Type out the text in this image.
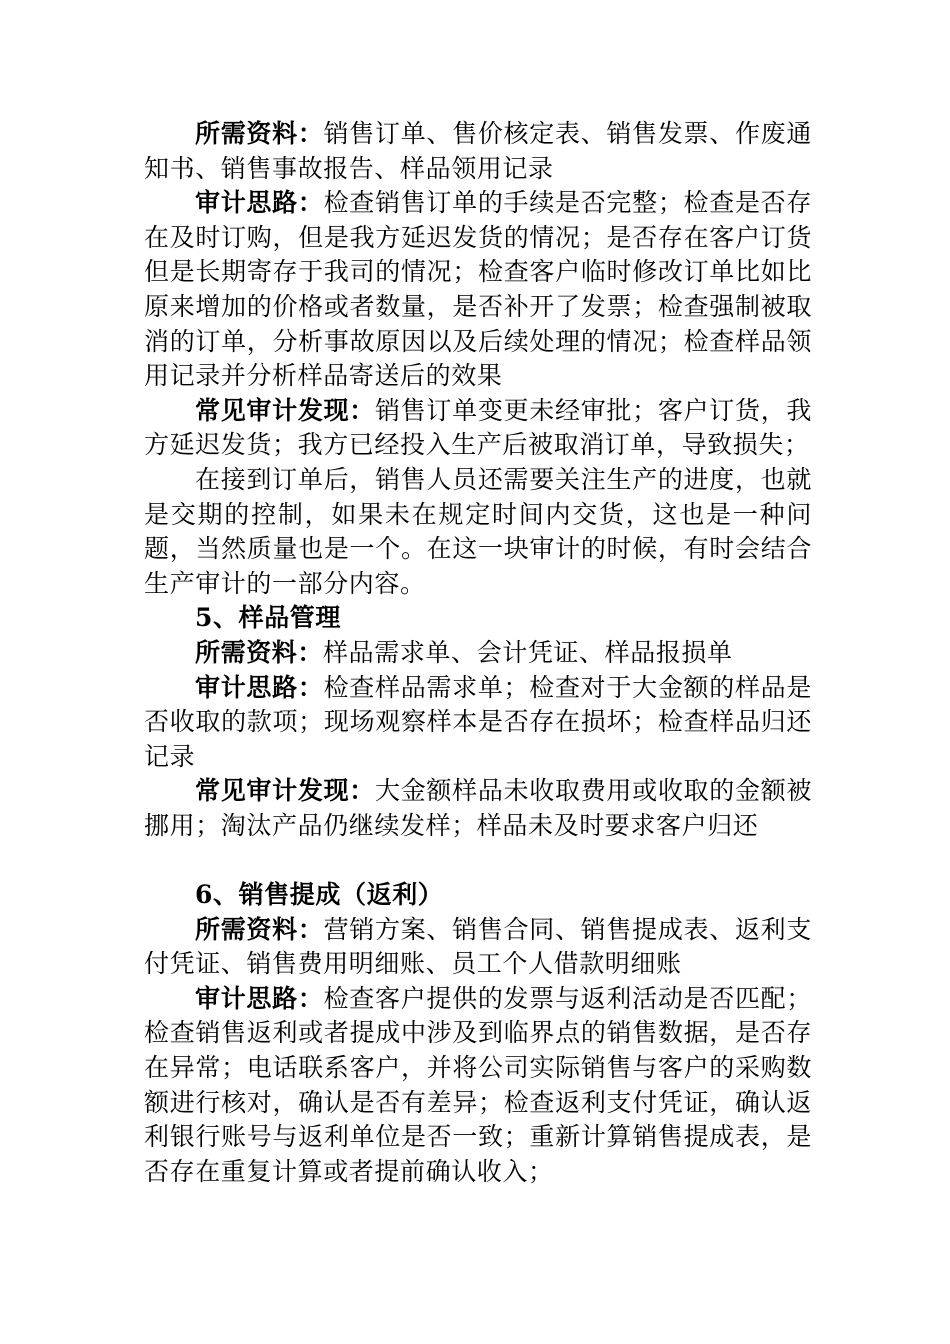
所需资料：销售订单、售价核定表、销售发票、作废通知书、销售事故报告、样品领用记录

审计思路：检查销售订单的手续是否完整；检查是否存在及时订购，但是我方延迟发货的情况；是否存在客户订货但是长期寄存于我司的情况；检查客户临时修改订单比如比原来增加的价格或者数量，是否补开了发票；检查强制被取消的订单，分析事故原因以及后续处理的情况；检查样品领用记录并分析样品寄送后的效果

常见审计发现：销售订单变更未经审批；客户订货，我方延迟发货；我方已经投入生产后被取消订单，导致损失；

在接到订单后，销售人员还需要关注生产的进度，也就是交期的控制，如果未在规定时间内交货，这也是一种问题，当然质量也是一个。在这一块审计的时候，有时会结合生产审计的一部分内容。

5、样品管理

所需资料：样品需求单、会计凭证、样品报损单

审计思路：检查样品需求单；检查对于大金额的样品是否收取的款项；现场观察样本是否存在损坏；检查样品归还记录

常见审计发现：大金额样品未收取费用或收取的金额被挪用；淘汰产品仍继续发样；样品未及时要求客户归还

6、销售提成（返利）

所需资料：营销方案、销售合同、销售提成表、返利支付凭证、销售费用明细账、员工个人借款明细账

审计思路：检查客户提供的发票与返利活动是否匹配；检查销售返利或者提成中涉及到临界点的销售数据，是否存在异常；电话联系客户，并将公司实际销售与客户的采购数额进行核对，确认是否有差异；检查返利支付凭证，确认返利银行账号与返利单位是否一致；重新计算销售提成表，是否存在重复计算或者提前确认收入；
